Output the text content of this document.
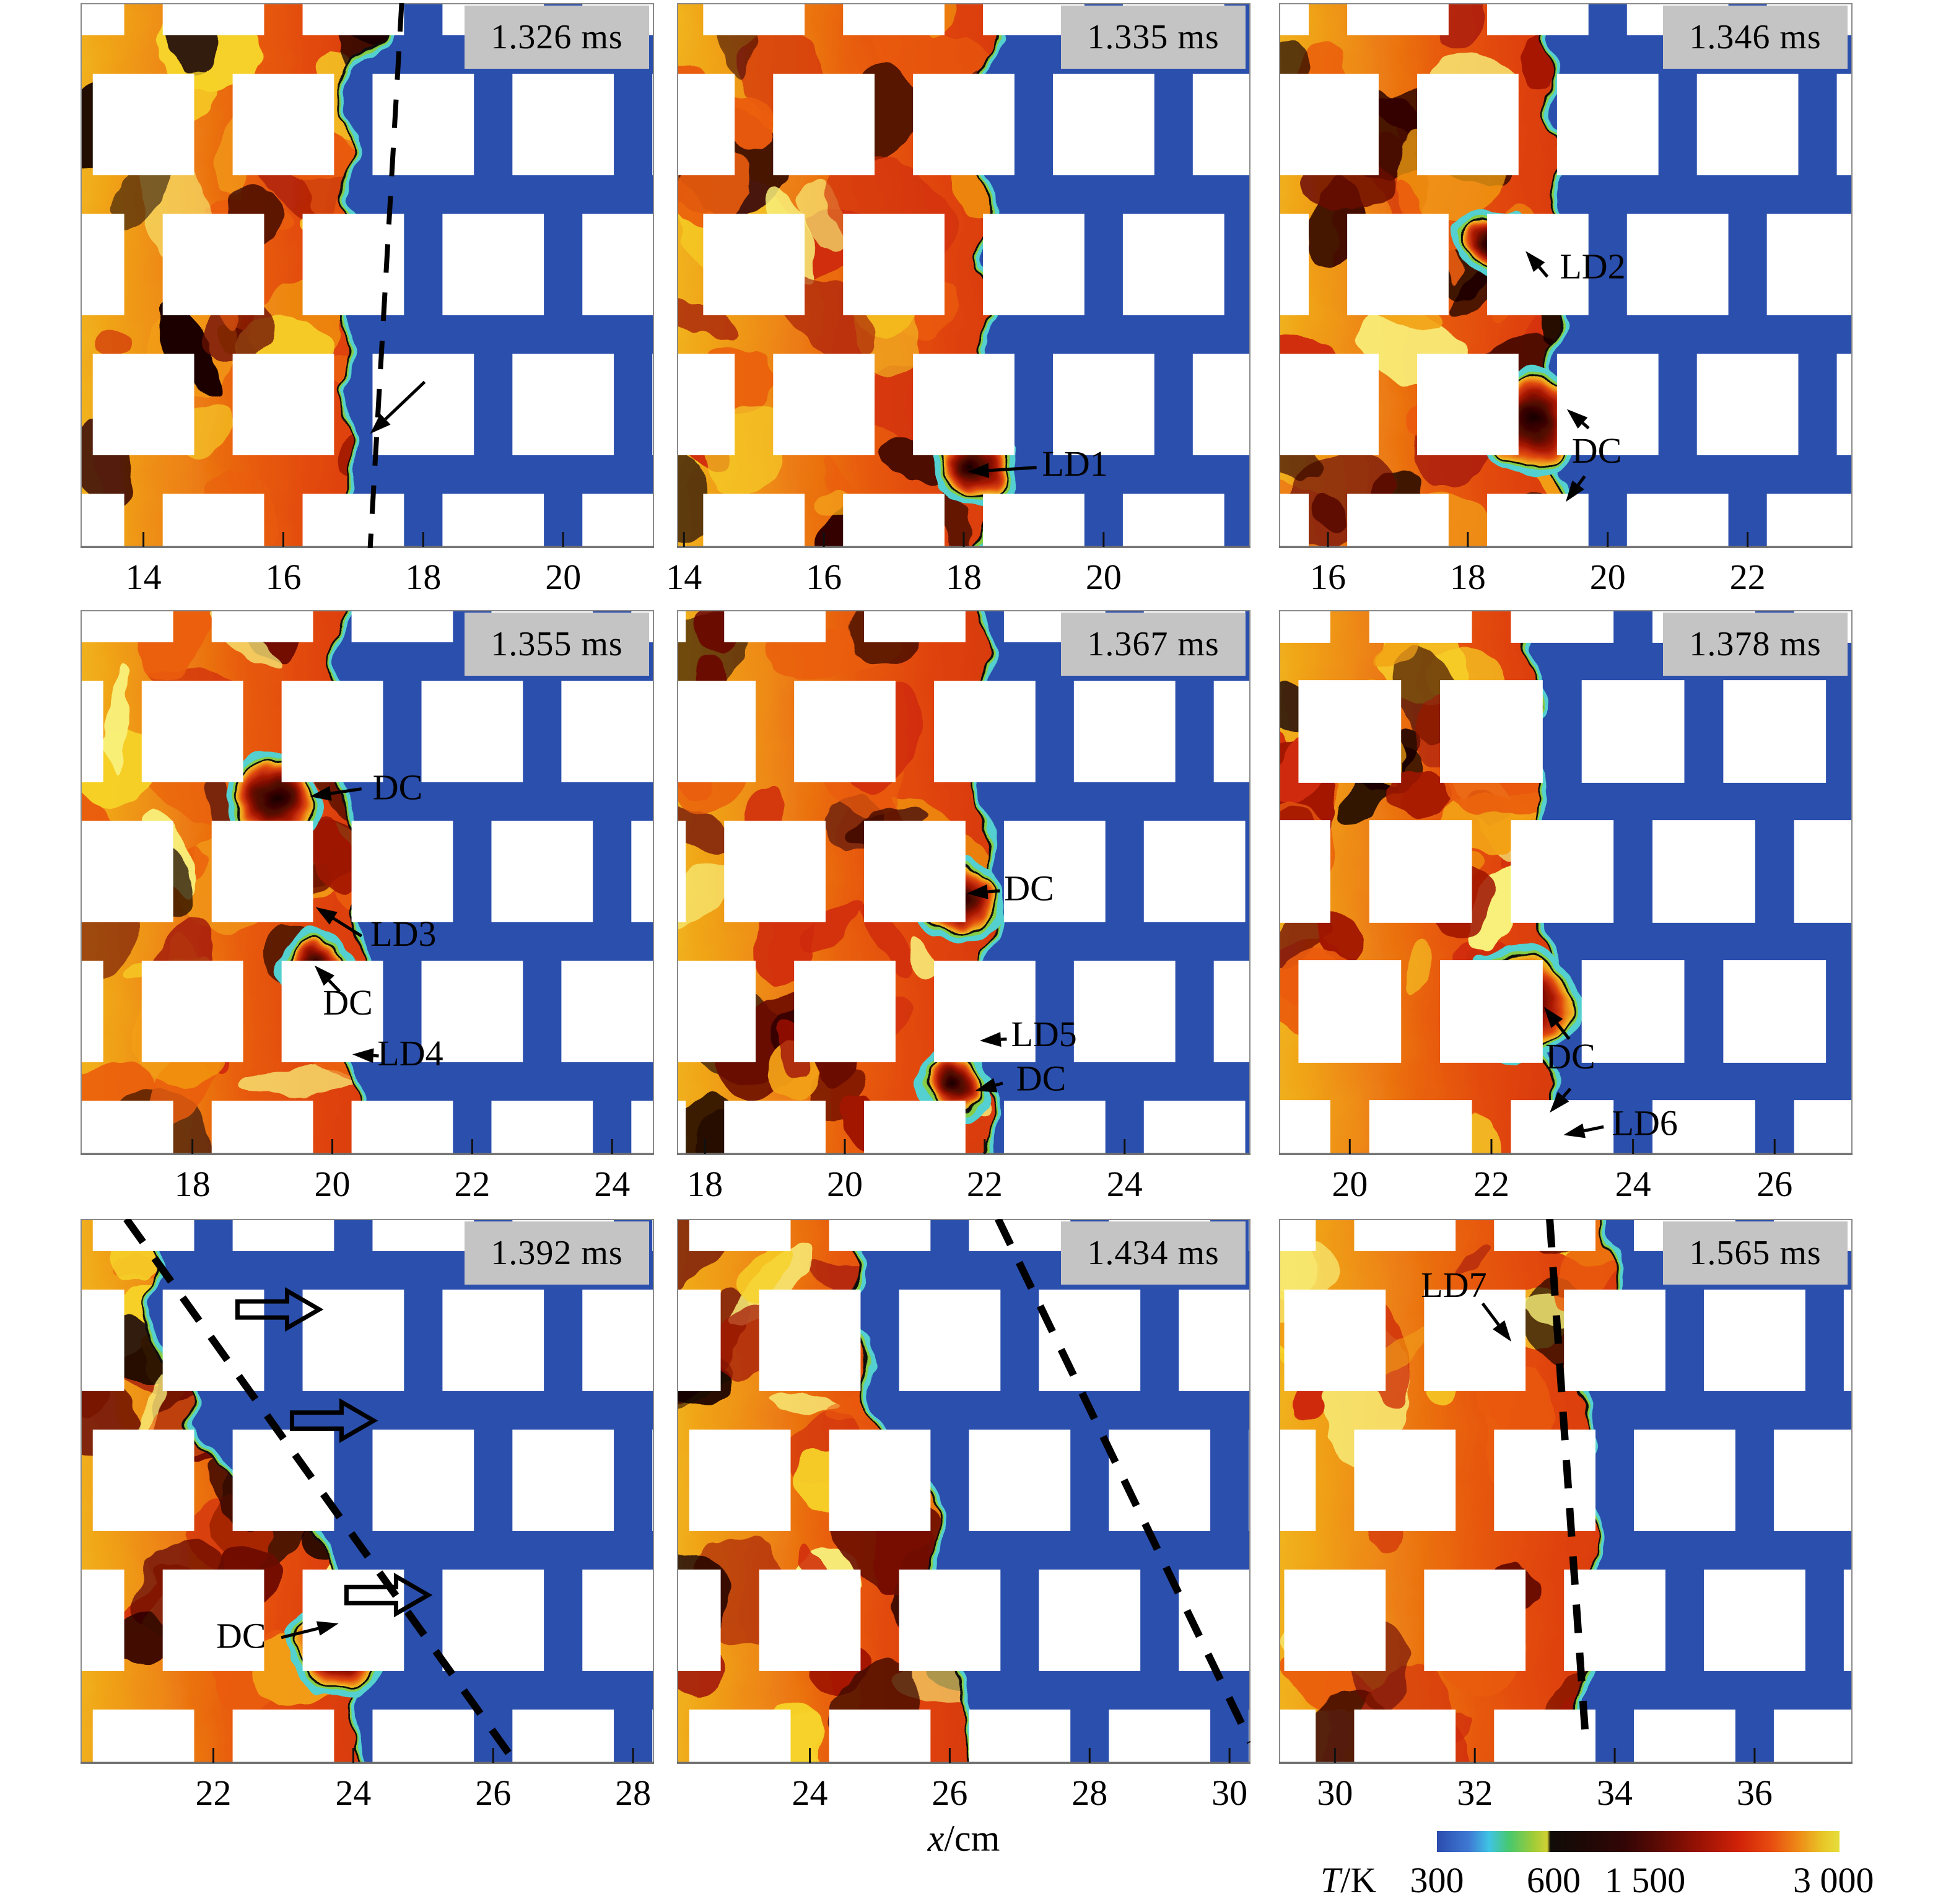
1.326 ms
14	16	18	20
LD1
1.335 ms
14	16	18	20
LD2
DC
1.346 ms
16	18	20	22
DC
LD3
DC
LD4
1.355 ms
18	20	22	24
DC
LD5
DC
1.367 ms
18	20	22	24
DC
LD6
1.378 ms
20	22	24	26
DC
1.392 ms
22	24	26	28
1.434 ms
24	26	28	30
LD7
1.565 ms
30	32	34	36
x/cm
T/K 300 600 1 500	3 000
